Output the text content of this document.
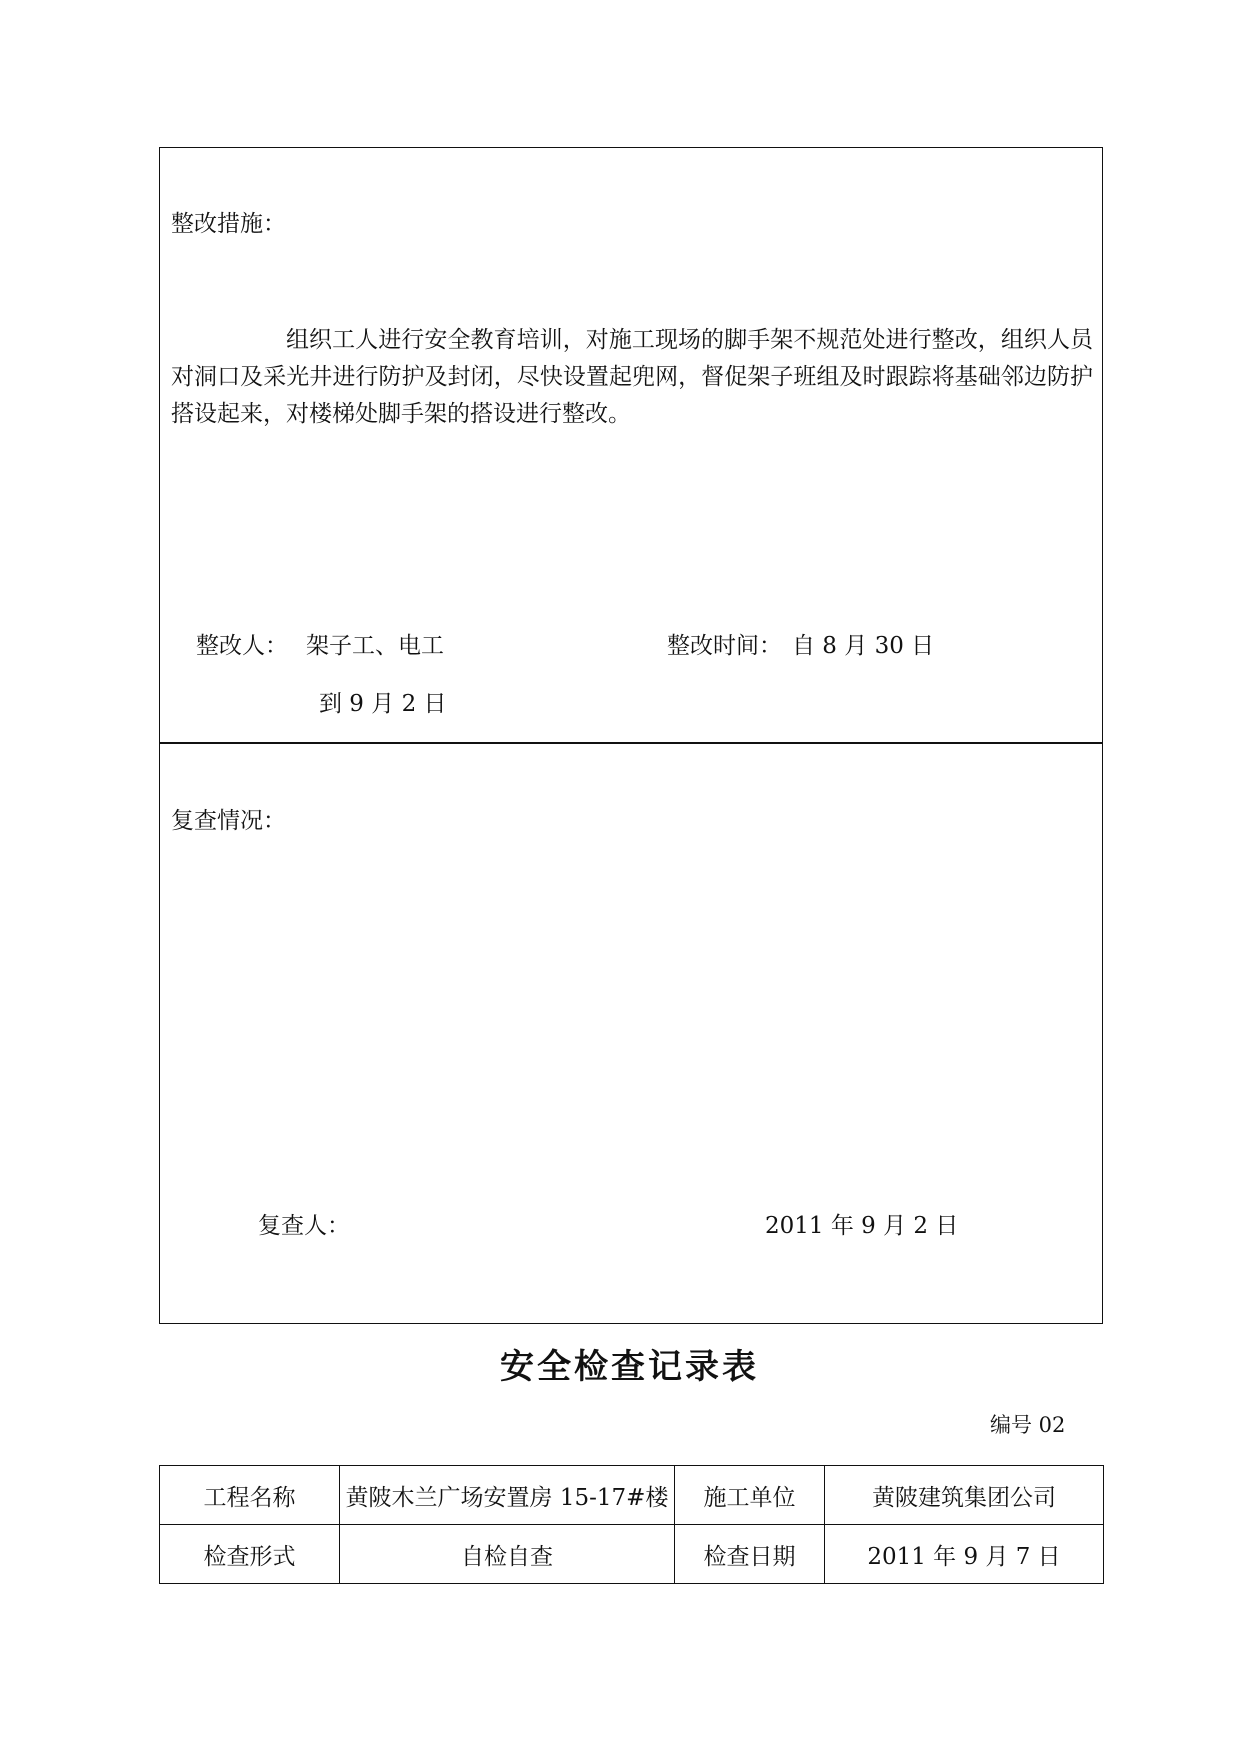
整改措施：
组织工人进行安全教育培训，对施工现场的脚手架不规范处进行整改，组织人员对洞口及采光井进行防护及封闭，尽快设置起兜网，督促架子班组及时跟踪将基础邻边防护搭设起来，对楼梯处脚手架的搭设进行整改。
整改人： 架子工、电工	整改时间： 自 8 月 30 日
到 9 月 2 日
复查情况：
复查人：	2011 年 9 月 2 日
安全检查记录表
编号 02
工程名称	黄陂木兰广场安置房 15-17#楼	施工单位	黄陂建筑集团公司
检查形式	自检自查	检查日期	2011 年 9 月 7 日
